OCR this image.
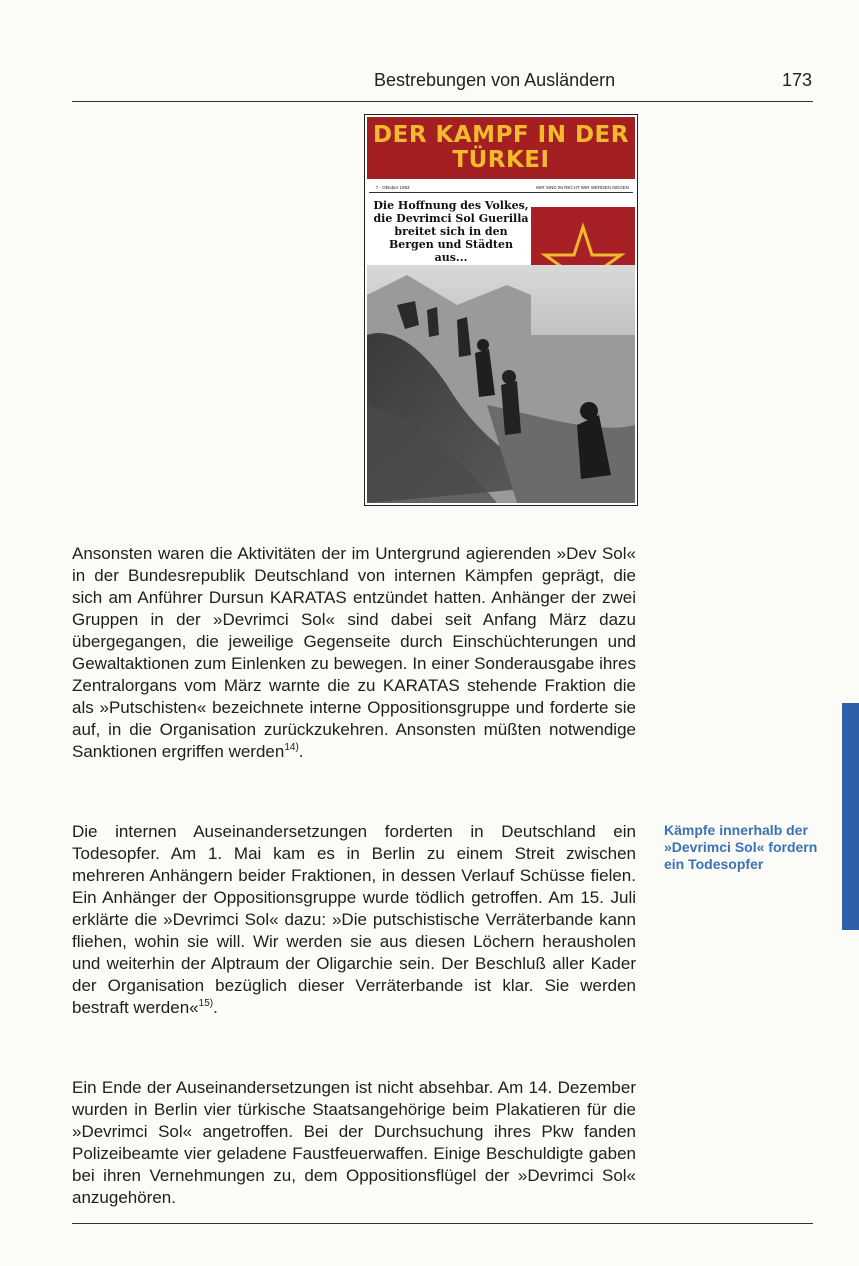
Bestrebungen von Ausländern	173
DER KAMPF IN DER TÜRKEI
· 7 · Oktober 1993	WIR SIND IM RECHT WIR WERDEN SIEGEN
Die Hoffnung des Volkes, die Devrimci Sol Guerilla breitet sich in den Bergen und Städten aus...
Ansonsten waren die Aktivitäten der im Untergrund agierenden »Dev Sol« in der Bundesrepublik Deutschland von internen Kämpfen geprägt, die sich am Anführer Dursun KARATAS entzündet hatten. Anhänger der zwei Gruppen in der »Devrimci Sol« sind dabei seit Anfang März dazu übergegangen, die jeweilige Gegenseite durch Einschüchterungen und Gewaltaktionen zum Einlenken zu bewegen. In einer Sonderausgabe ihres Zentralorgans vom März warnte die zu KARATAS stehende Fraktion die als »Putschisten« bezeichnete interne Oppositionsgruppe und forderte sie auf, in die Organisation zurückzukehren. Ansonsten müßten notwendige Sanktionen ergriffen werden$^{14)}$.
Die internen Auseinandersetzungen forderten in Deutschland ein Todesopfer. Am 1. Mai kam es in Berlin zu einem Streit zwischen mehreren Anhängern beider Fraktionen, in dessen Verlauf Schüsse fielen. Ein Anhänger der Oppositionsgruppe wurde tödlich getroffen. Am 15. Juli erklärte die »Devrimci Sol« dazu: »Die putschistische Verräterbande kann fliehen, wohin sie will. Wir werden sie aus diesen Löchern herausholen und weiterhin der Alptraum der Oligarchie sein. Der Beschluß aller Kader der Organisation bezüglich dieser Verräterbande ist klar. Sie werden bestraft werden«$^{15)}$.
Ein Ende der Auseinandersetzungen ist nicht absehbar. Am 14. Dezember wurden in Berlin vier türkische Staatsangehörige beim Plakatieren für die »Devrimci Sol« angetroffen. Bei der Durchsuchung ihres Pkw fanden Polizeibeamte vier geladene Faustfeuerwaffen. Einige Beschuldigte gaben bei ihren Vernehmungen zu, dem Oppositionsflügel der »Devrimci Sol« anzugehören.
Kämpfe innerhalb der »Devrimci Sol« fordern ein Todesopfer
